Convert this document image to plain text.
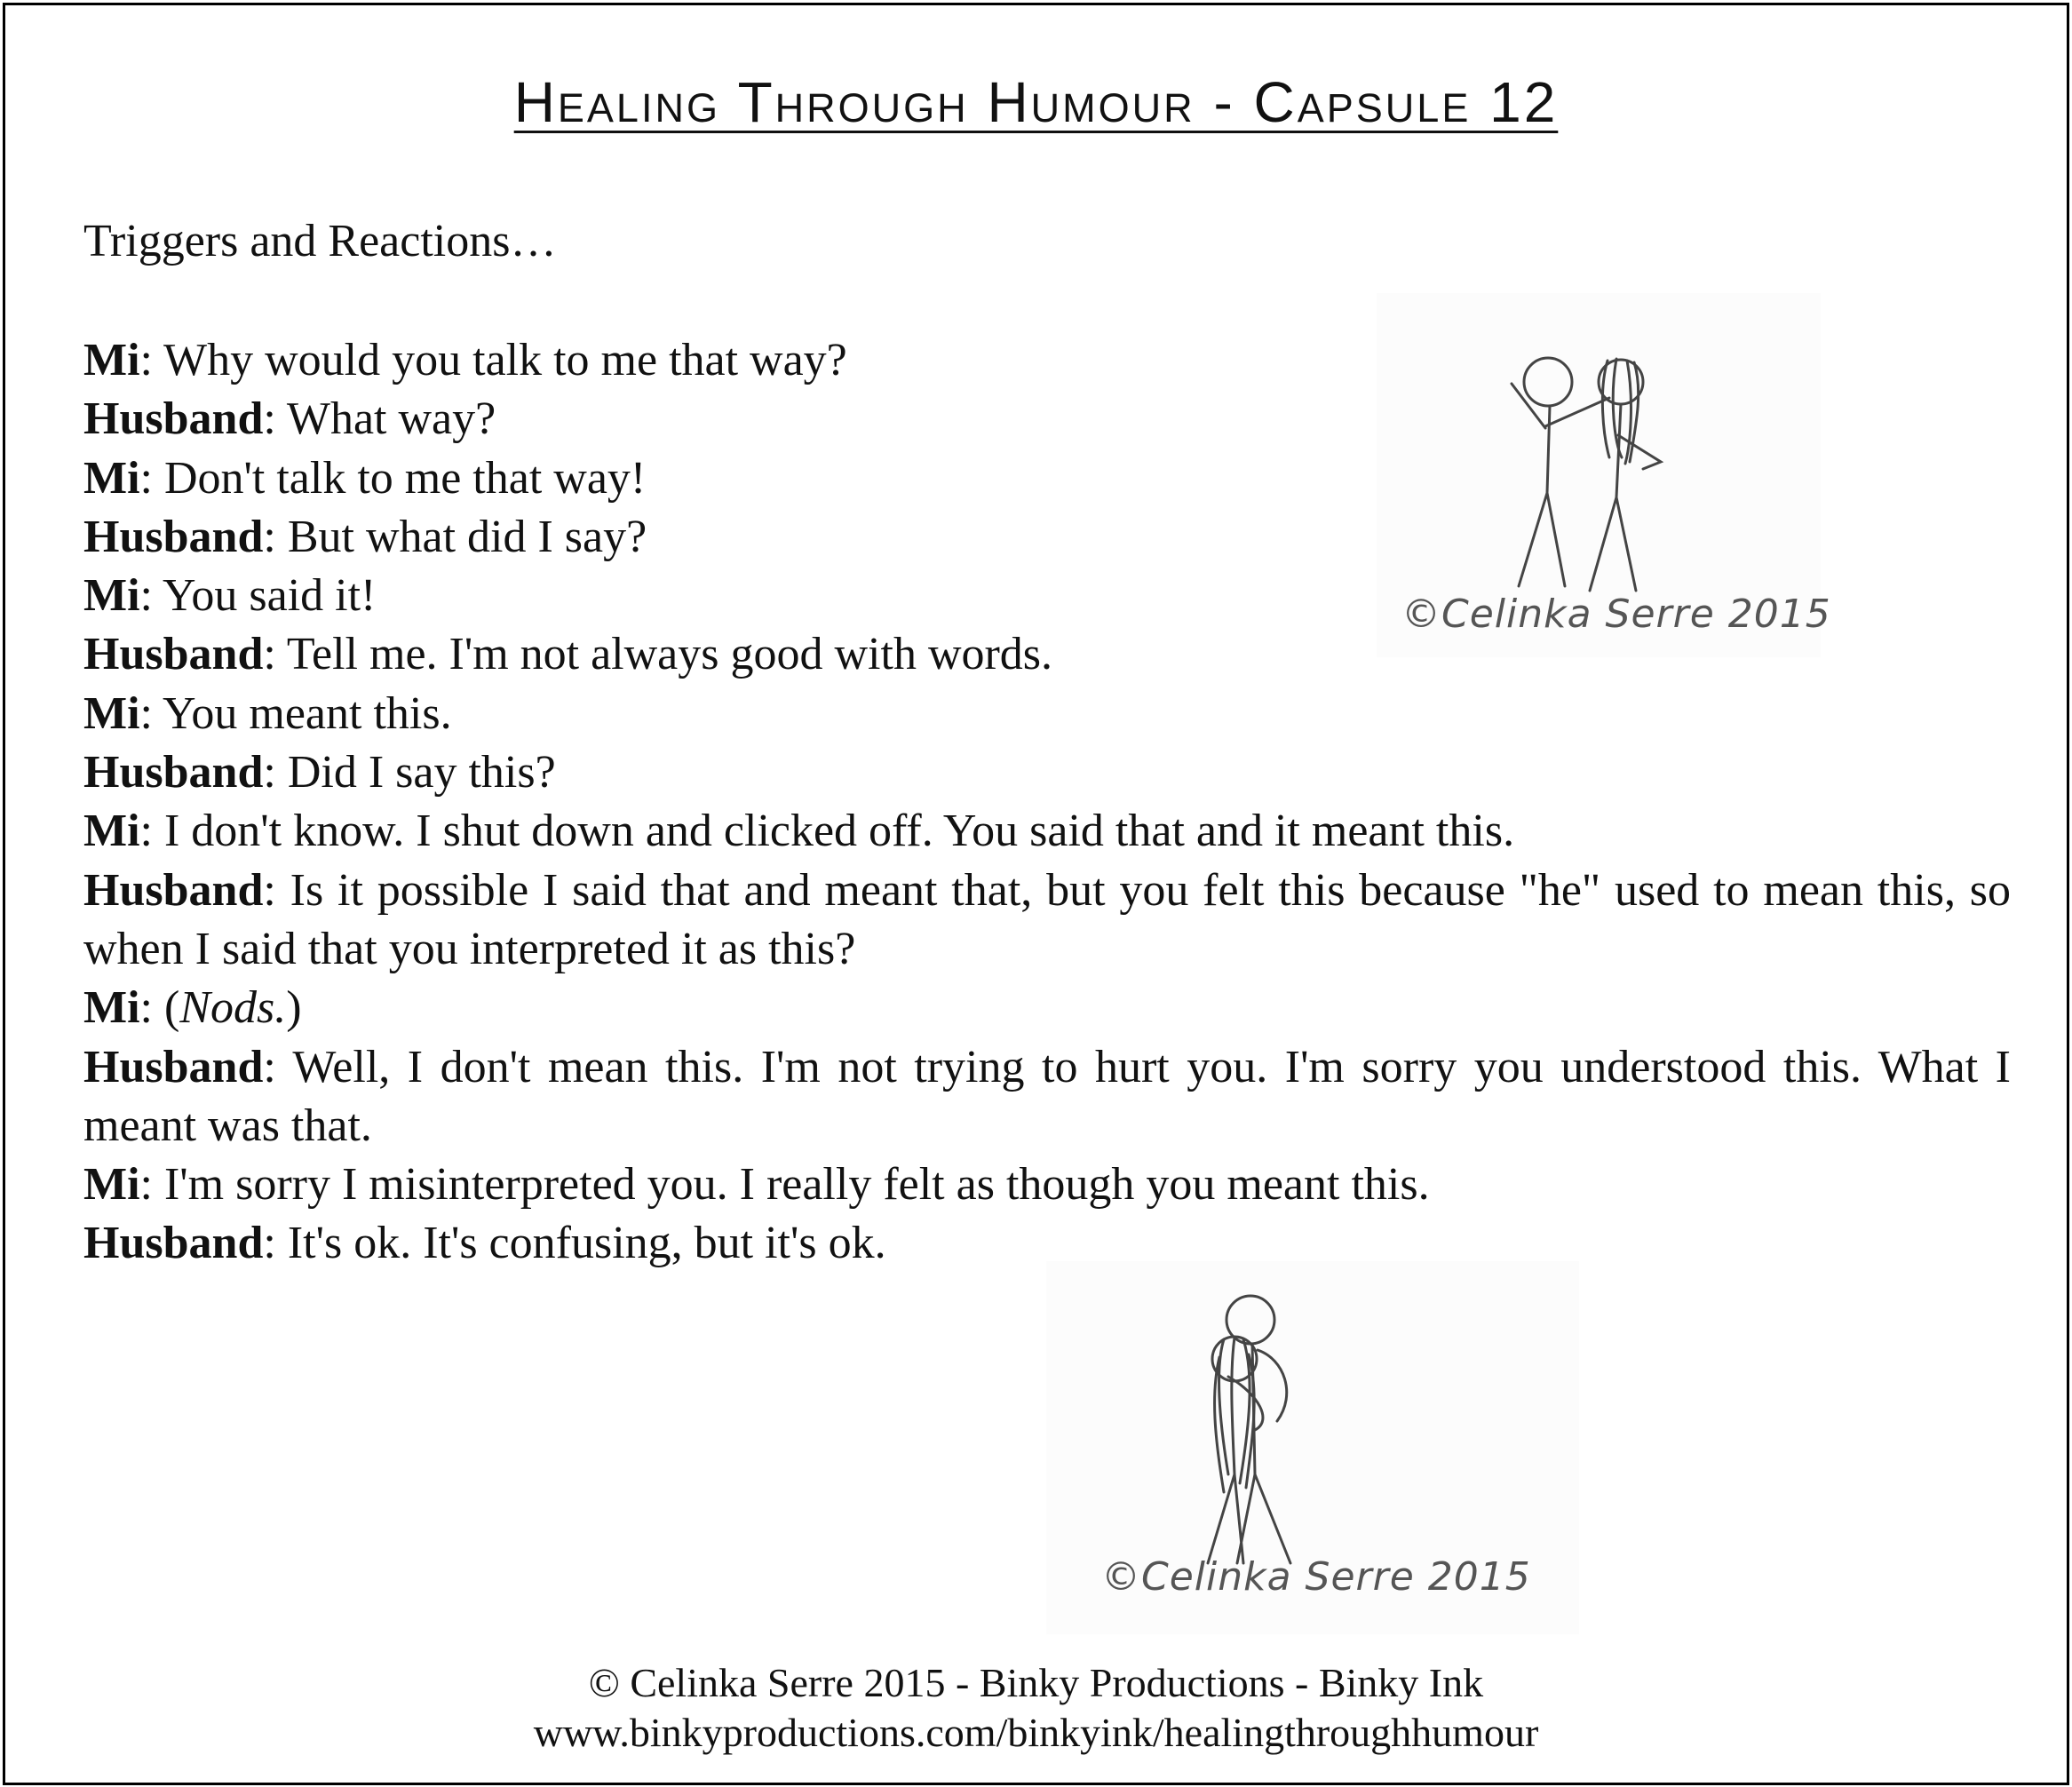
Healing Through Humour - Capsule 12
Triggers and Reactions…
Mi: Why would you talk to me that way?
Husband: What way?
Mi: Don't talk to me that way!
Husband: But what did I say?
Mi: You said it!
Husband: Tell me. I'm not always good with words.
Mi: You meant this.
Husband: Did I say this?
Mi: I don't know. I shut down and clicked off. You said that and it meant this.
Husband: Is it possible I said that and meant that, but you felt this because "he" used to mean this, so when I said that you interpreted it as this?
Mi: (Nods.)
Husband: Well, I don't mean this. I'm not trying to hurt you. I'm sorry you understood this. What I meant was that.
Mi: I'm sorry I misinterpreted you. I really felt as though you meant this.
Husband: It's ok. It's confusing, but it's ok.
©Celinka Serre 2015
©Celinka Serre 2015
© Celinka Serre 2015 - Binky Productions - Binky Ink
www.binkyproductions.com/binkyink/healingthroughhumour
